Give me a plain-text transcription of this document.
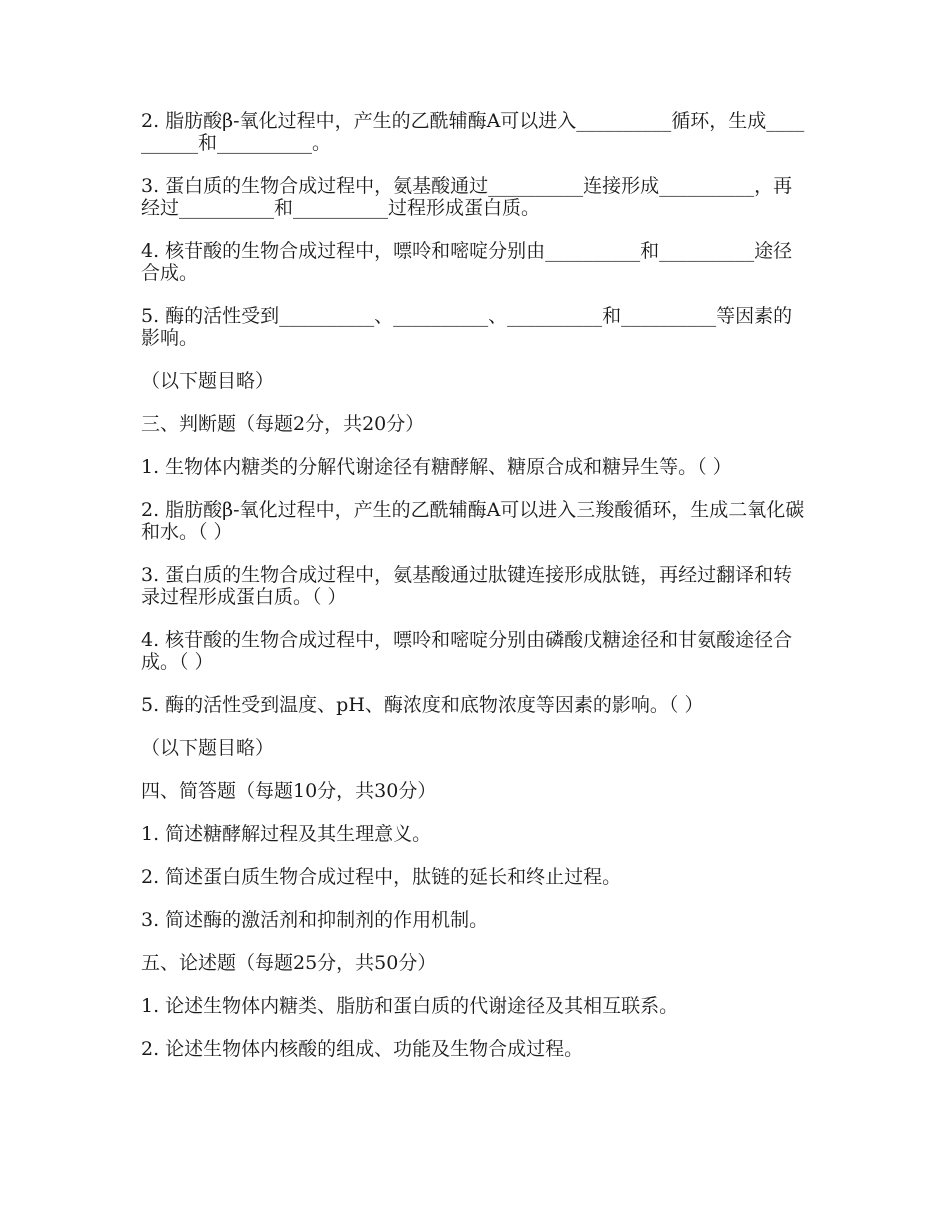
2. 脂肪酸β-氧化过程中，产生的乙酰辅酶A可以进入__________循环，生成__________和__________。

3. 蛋白质的生物合成过程中，氨基酸通过__________连接形成__________，再经过__________和__________过程形成蛋白质。

4. 核苷酸的生物合成过程中，嘌呤和嘧啶分别由__________和__________途径合成。

5. 酶的活性受到__________、__________、__________和__________等因素的影响。

（以下题目略）

三、判断题（每题2分，共20分）

1. 生物体内糖类的分解代谢途径有糖酵解、糖原合成和糖异生等。（ ）

2. 脂肪酸β-氧化过程中，产生的乙酰辅酶A可以进入三羧酸循环，生成二氧化碳和水。（ ）

3. 蛋白质的生物合成过程中，氨基酸通过肽键连接形成肽链，再经过翻译和转录过程形成蛋白质。（ ）

4. 核苷酸的生物合成过程中，嘌呤和嘧啶分别由磷酸戊糖途径和甘氨酸途径合成。（ ）

5. 酶的活性受到温度、pH、酶浓度和底物浓度等因素的影响。（ ）

（以下题目略）

四、简答题（每题10分，共30分）

1. 简述糖酵解过程及其生理意义。

2. 简述蛋白质生物合成过程中，肽链的延长和终止过程。

3. 简述酶的激活剂和抑制剂的作用机制。

五、论述题（每题25分，共50分）

1. 论述生物体内糖类、脂肪和蛋白质的代谢途径及其相互联系。

2. 论述生物体内核酸的组成、功能及生物合成过程。
